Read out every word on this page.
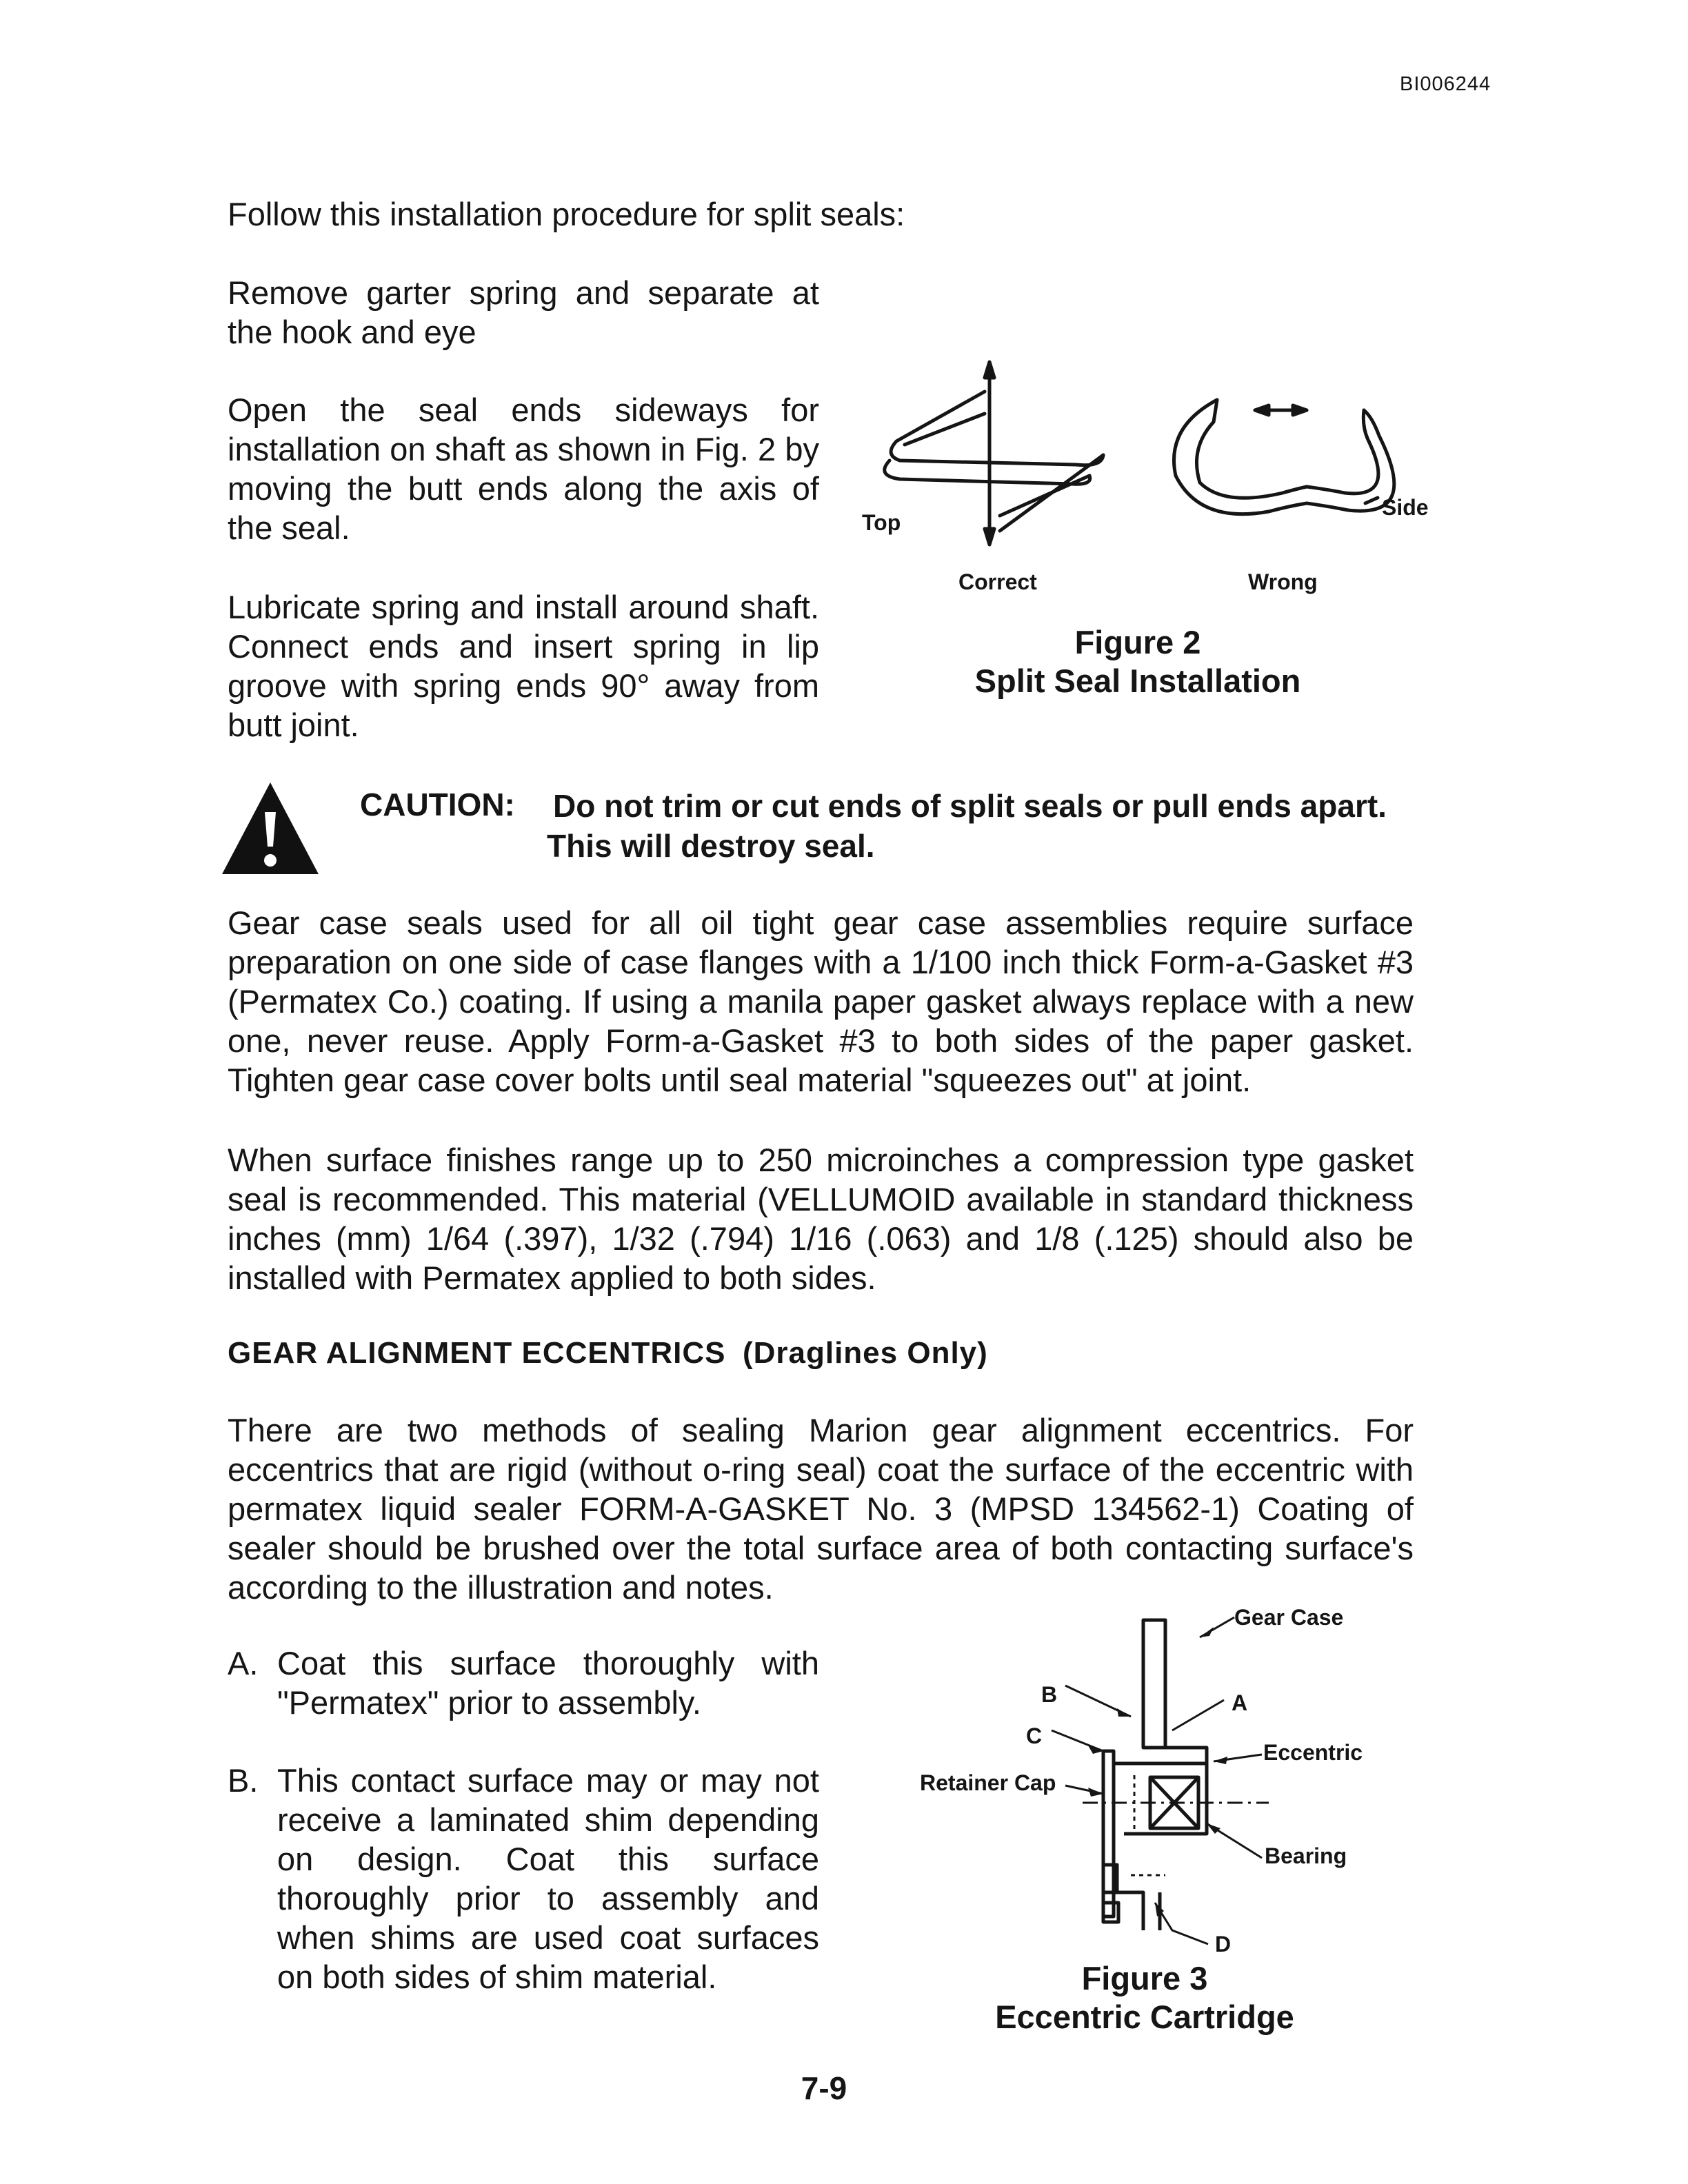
BI006244
Follow this installation procedure for split seals:
Remove garter spring and separate at the hook and eye
Open the seal ends sideways for installation on shaft as shown in Fig. 2 by moving the butt ends along the axis of the seal.
Lubricate spring and install around shaft. Connect ends and insert spring in lip groove with spring ends 90° away from butt joint.
Top
Side
Correct	Wrong
Figure 2
Split Seal Installation
CAUTION: Do not trim or cut ends of split seals or pull ends apart.
This will destroy seal.
Gear case seals used for all oil tight gear case assemblies require surface preparation on one side of case flanges with a 1/100 inch thick Form-a-Gasket #3 (Permatex Co.) coating. If using a manila paper gasket always replace with a new one, never reuse. Apply Form-a-Gasket #3 to both sides of the paper gasket. Tighten gear case cover bolts until seal material "squeezes out" at joint.
When surface finishes range up to 250 microinches a compression type gasket seal is recommended. This material (VELLUMOID available in standard thickness inches (mm) 1/64 (.397), 1/32 (.794) 1/16 (.063) and 1/8 (.125) should also be installed with Permatex applied to both sides.
GEAR ALIGNMENT ECCENTRICS (Draglines Only)
There are two methods of sealing Marion gear alignment eccentrics. For eccentrics that are rigid (without o-ring seal) coat the surface of the eccentric with permatex liquid sealer FORM-A-GASKET No. 3 (MPSD 134562-1) Coating of sealer should be brushed over the total surface area of both contacting surface's according to the illustration and notes.
A. Coat this surface thoroughly with "Permatex" prior to assembly.
B. This contact surface may or may not receive a laminated shim depending on design. Coat this surface thoroughly prior to assembly and when shims are used coat surfaces on both sides of shim material.
Gear Case
A
B
C
Eccentric
Retainer Cap
Bearing
D
Figure 3
Eccentric Cartridge
7-9
